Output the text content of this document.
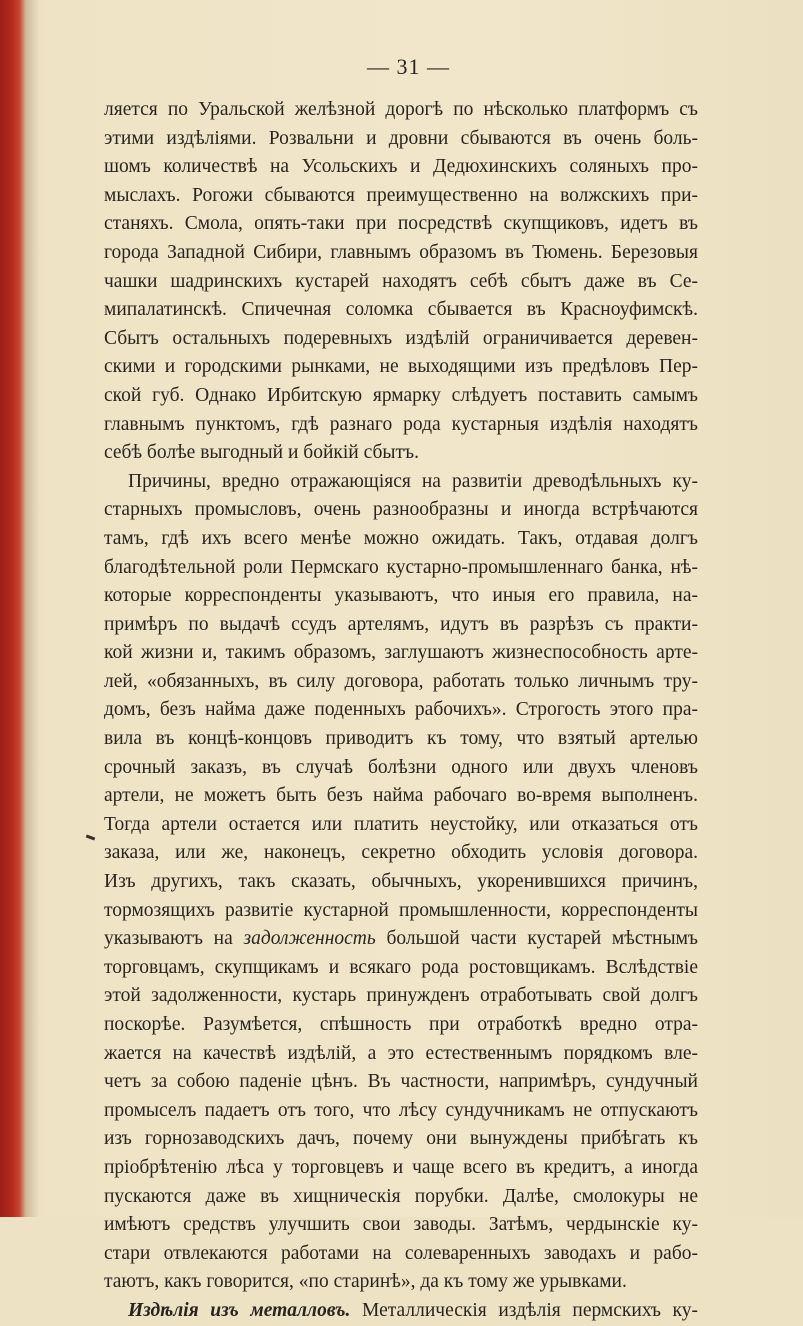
— 31 —
ляется по Уральской желѣзной дорогѣ по нѣсколько платформъ съ
этими издѣліями. Розвальни и дровни сбываются въ очень боль-
шомъ количествѣ на Усольскихъ и Дедюхинскихъ соляныхъ про-
мыслахъ. Рогожи сбываются преимущественно на волжскихъ при-
станяхъ. Смола, опять-таки при посредствѣ скупщиковъ, идетъ въ
города Западной Сибири, главнымъ образомъ въ Тюмень. Березовыя
чашки шадринскихъ кустарей находятъ себѣ сбытъ даже въ Се-
мипалатинскѣ. Спичечная соломка сбывается въ Красноуфимскѣ.
Сбытъ остальныхъ подеревныхъ издѣлій ограничивается деревен-
скими и городскими рынками, не выходящими изъ предѣловъ Пер-
ской губ. Однако Ирбитскую ярмарку слѣдуетъ поставить самымъ
главнымъ пунктомъ, гдѣ разнаго рода кустарныя издѣлія находятъ
себѣ болѣе выгодный и бойкій сбытъ.
Причины, вредно отражающіяся на развитіи древодѣльныхъ ку-
старныхъ промысловъ, очень разнообразны и иногда встрѣчаются
тамъ, гдѣ ихъ всего менѣе можно ожидать. Такъ, отдавая долгъ
благодѣтельной роли Пермскаго кустарно-промышленнаго банка, нѣ-
которые корреспонденты указываютъ, что иныя его правила, на-
примѣръ по выдачѣ ссудъ артелямъ, идутъ въ разрѣзъ съ практи-
кой жизни и, такимъ образомъ, заглушаютъ жизнеспособность арте-
лей, «обязанныхъ, въ силу договора, работать только личнымъ тру-
домъ, безъ найма даже поденныхъ рабочихъ». Строгость этого пра-
вила въ концѣ-концовъ приводитъ къ тому, что взятый артелью
срочный заказъ, въ случаѣ болѣзни одного или двухъ членовъ
артели, не можетъ быть безъ найма рабочаго во-время выполненъ.
Тогда артели остается или платить неустойку, или отказаться отъ
заказа, или же, наконецъ, секретно обходить условія договора.
Изъ другихъ, такъ сказать, обычныхъ, укоренившихся причинъ,
тормозящихъ развитіе кустарной промышленности, корреспонденты
указываютъ на задолженность большой части кустарей мѣстнымъ
торговцамъ, скупщикамъ и всякаго рода ростовщикамъ. Вслѣдствіе
этой задолженности, кустарь принужденъ отработывать свой долгъ
поскорѣе. Разумѣется, спѣшность при отработкѣ вредно отра-
жается на качествѣ издѣлій, а это естественнымъ порядкомъ вле-
четъ за собою паденіе цѣнъ. Въ частности, напримѣръ, сундучный
промыселъ падаетъ отъ того, что лѣсу сундучникамъ не отпускаютъ
изъ горнозаводскихъ дачъ, почему они вынуждены прибѣгать къ
пріобрѣтенію лѣса у торговцевъ и чаще всего въ кредитъ, а иногда
пускаются даже въ хищническія порубки. Далѣе, смолокуры не
имѣютъ средствъ улучшить свои заводы. Затѣмъ, чердынскіе ку-
стари отвлекаются работами на солеваренныхъ заводахъ и рабо-
таютъ, какъ говорится, «по старинѣ», да къ тому же урывками.
Издѣлія изъ металловъ. Металлическія издѣлія пермскихъ ку-
